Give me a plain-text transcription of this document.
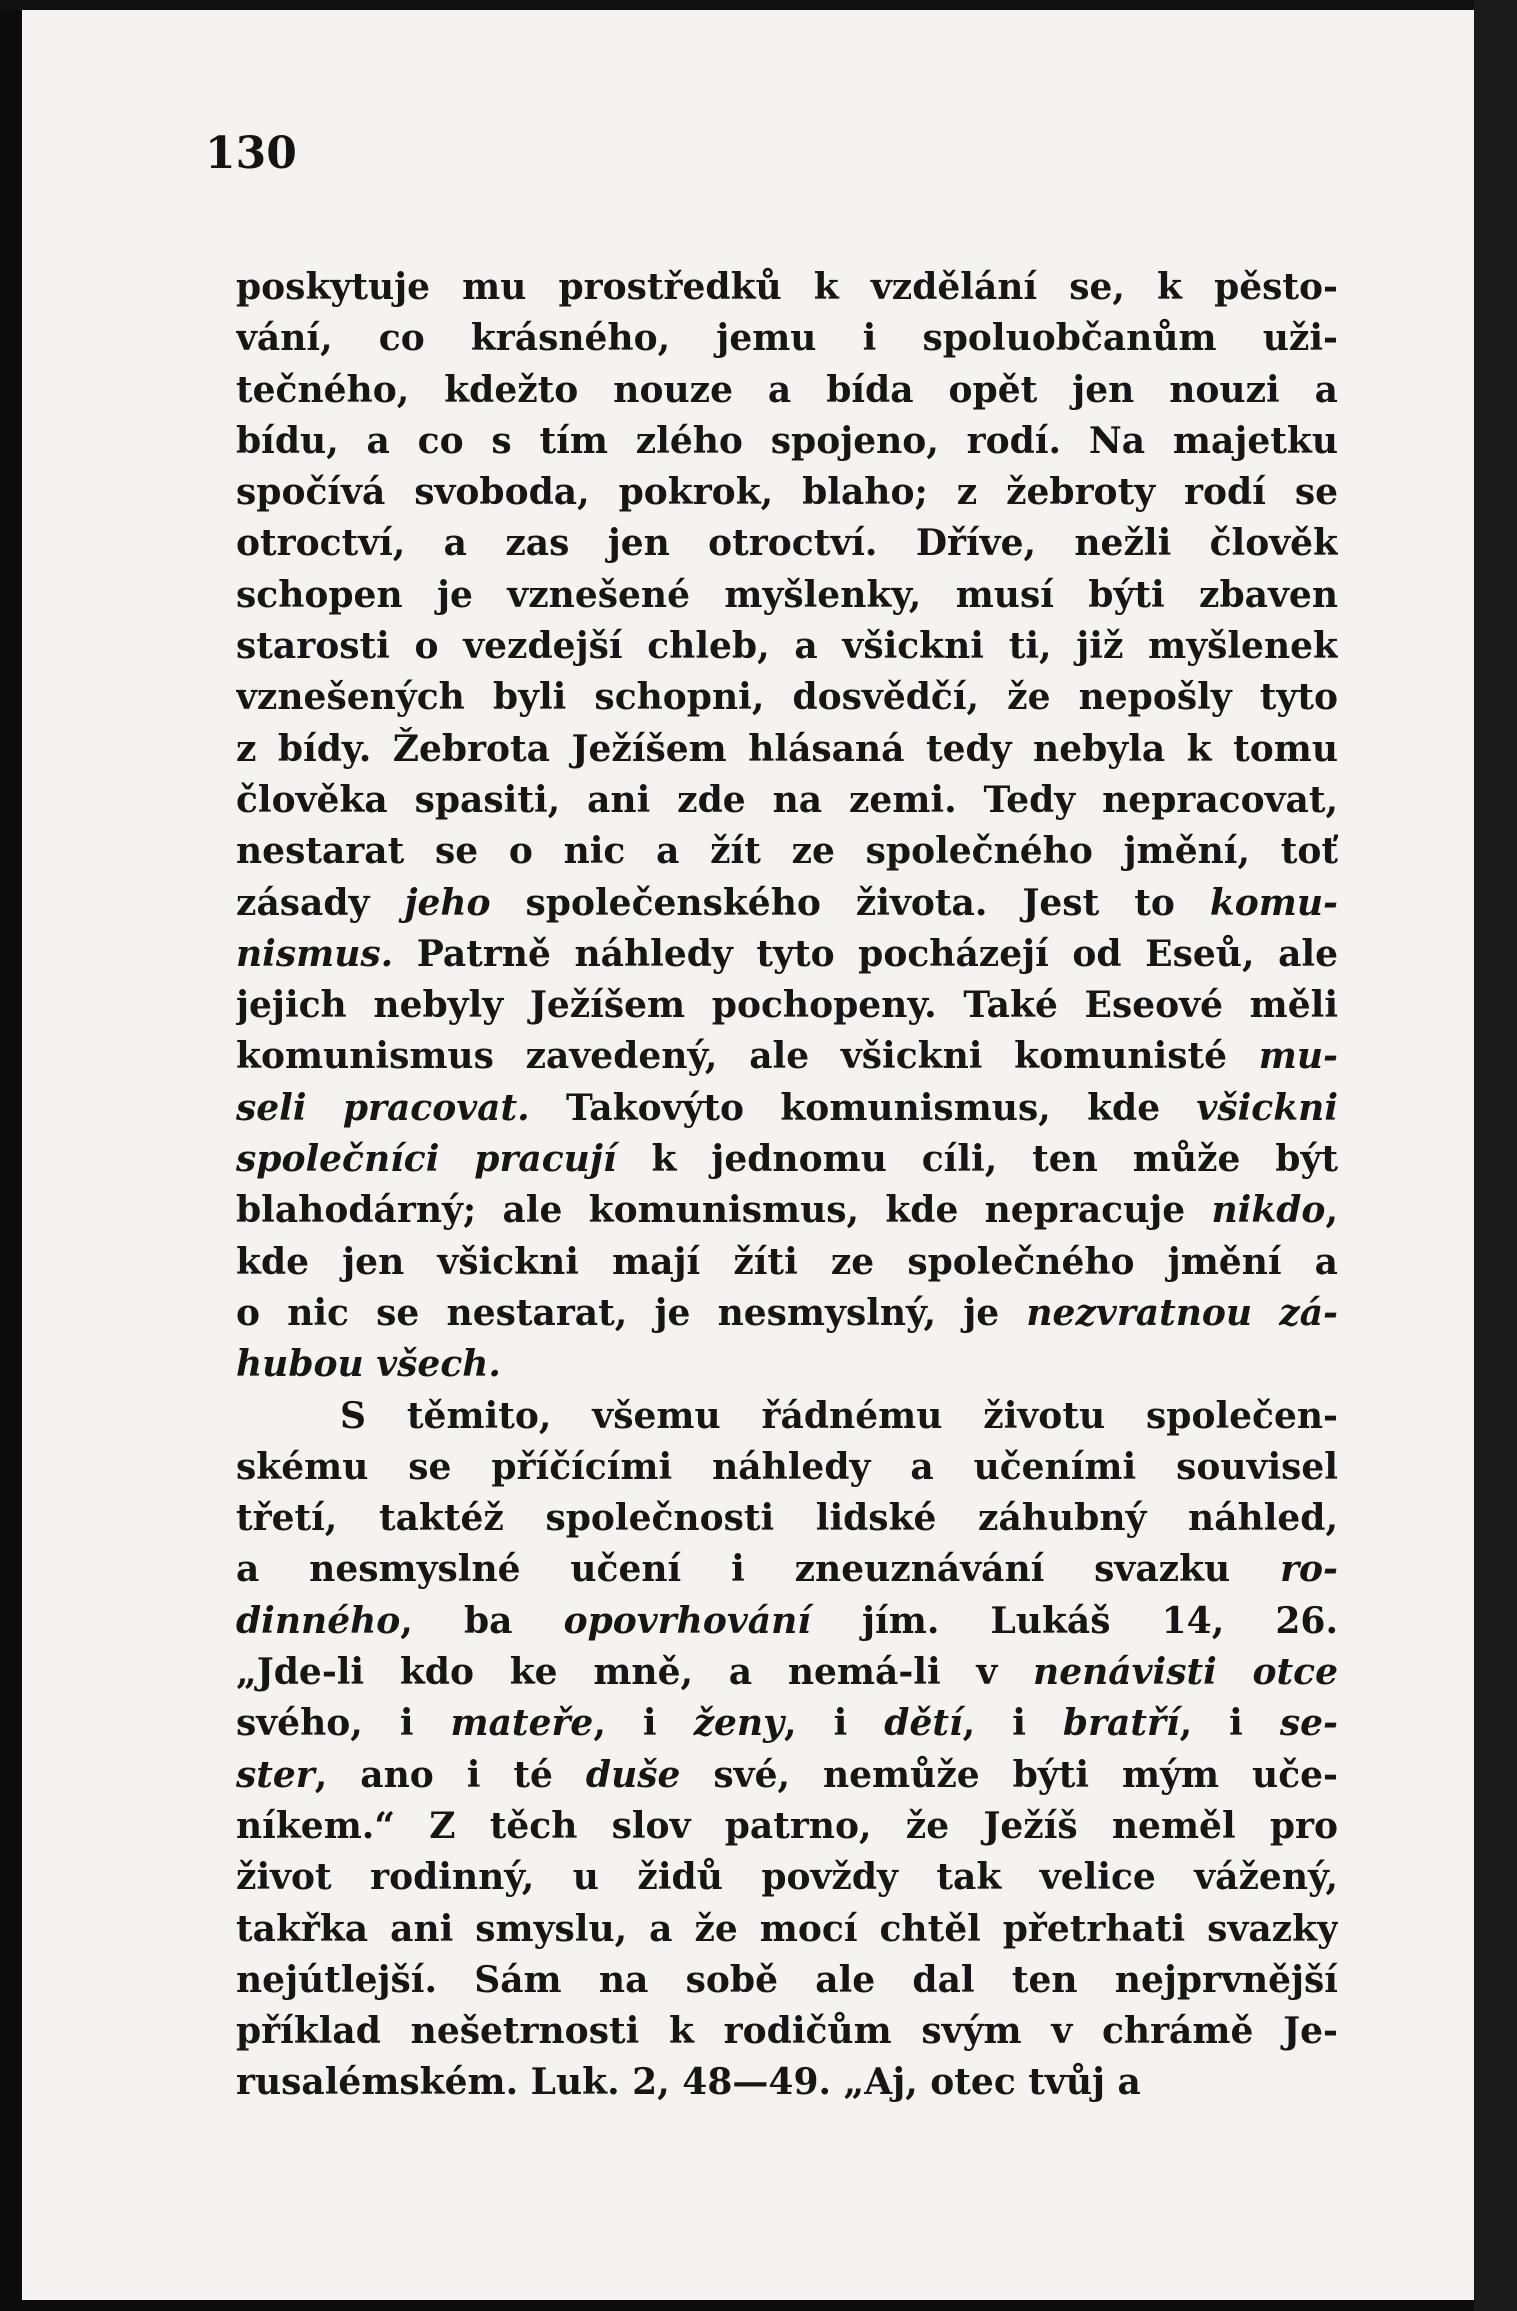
130
poskytuje mu prostředků k vzdělání se, k pěsto-
vání, co krásného, jemu i spoluobčanům uži-
tečného, kdežto nouze a bída opět jen nouzi a
bídu, a co s tím zlého spojeno, rodí. Na majetku
spočívá svoboda, pokrok, blaho; z žebroty rodí se
otroctví, a zas jen otroctví. Dříve, nežli člověk
schopen je vznešené myšlenky, musí býti zbaven
starosti o vezdejší chleb, a všickni ti, již myšlenek
vznešených byli schopni, dosvědčí, že nepošly tyto
z bídy. Žebrota Ježíšem hlásaná tedy nebyla k tomu
člověka spasiti, ani zde na zemi. Tedy nepracovat,
nestarat se o nic a žít ze společného jmění, toť
zásady jeho společenského života. Jest to komu-
nismus. Patrně náhledy tyto pocházejí od Eseů, ale
jejich nebyly Ježíšem pochopeny. Také Eseové měli
komunismus zavedený, ale všickni komunisté mu-
seli pracovat. Takovýto komunismus, kde všickni
společníci pracují k jednomu cíli, ten může být
blahodárný; ale komunismus, kde nepracuje nikdo,
kde jen všickni mají žíti ze společného jmění a
o nic se nestarat, je nesmyslný, je nezvratnou zá-
hubou všech.
S těmito, všemu řádnému životu společen-
skému se příčícími náhledy a učeními souvisel
třetí, taktéž společnosti lidské záhubný náhled,
a nesmyslné učení i zneuznávání svazku ro-
dinného, ba opovrhování jím. Lukáš 14, 26.
„Jde-li kdo ke mně, a nemá-li v nenávisti otce
svého, i mateře, i ženy, i dětí, i bratří, i se-
ster, ano i té duše své, nemůže býti mým uče-
níkem.“ Z těch slov patrno, že Ježíš neměl pro
život rodinný, u židů povždy tak velice vážený,
takřka ani smyslu, a že mocí chtěl přetrhati svazky
nejútlejší. Sám na sobě ale dal ten nejprvnější
příklad nešetrnosti k rodičům svým v chrámě Je-
rusalémském. Luk. 2, 48—49. „Aj, otec tvůj a
